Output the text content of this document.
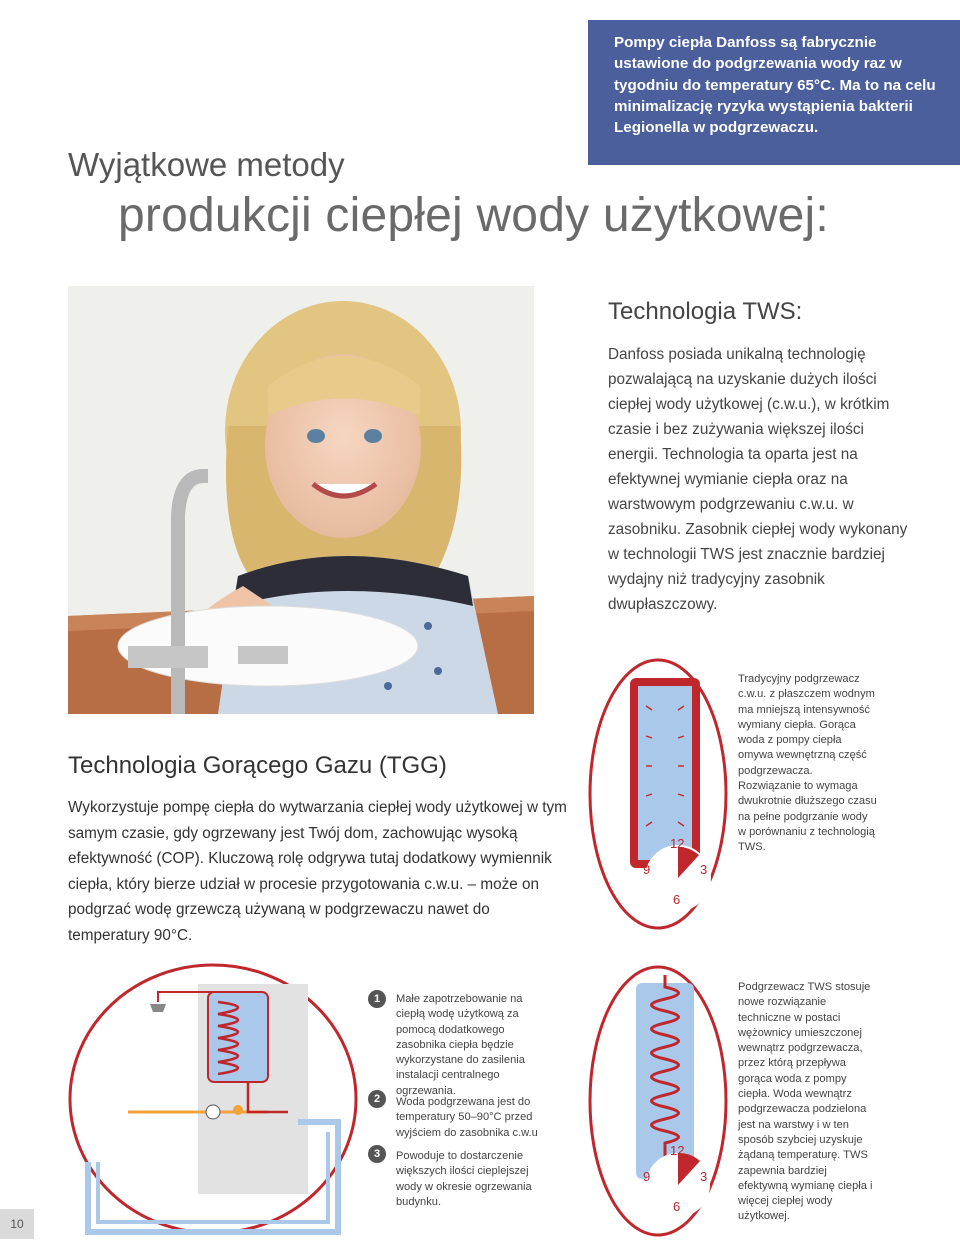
Pompy ciepła Danfoss są fabrycznie ustawione do podgrzewania wody raz w tygodniu do temperatury 65°C. Ma to na celu minimalizację ryzyka wystąpienia bakterii Legionella w podgrzewaczu.

Wyjątkowe metody
produkcji ciepłej wody użytkowej:
Technologia TWS:

Danfoss posiada unikalną technologię pozwalającą na uzyskanie dużych ilości ciepłej wody użytkowej (c.w.u.), w krótkim czasie i bez zużywania większej ilości energii. Technologia ta oparta jest na efektywnej wymianie ciepła oraz na warstwowym podgrzewaniu c.w.u. w zasobniku. Zasobnik ciepłej wody wykonany w technologii TWS jest znacznie bardziej wydajny niż tradycyjny zasobnik dwupłaszczowy.

Technologia Gorącego Gazu (TGG)

Wykorzystuje pompę ciepła do wytwarzania ciepłej wody użytkowej w tym samym czasie, gdy ogrzewany jest Twój dom, zachowując wysoką efektywność (COP). Kluczową rolę odgrywa tutaj dodatkowy wymiennik ciepła, który bierze udział w procesie przygotowania c.w.u. – może on podgrzać wodę grzewczą używaną w podgrzewaczu nawet do temperatury 90°C.

12
3
6
9

Tradycyjny podgrzewacz c.w.u. z płaszczem wodnym ma mniejszą intensywność wymiany ciepła. Gorąca woda z pompy ciepła omywa wewnętrzną część podgrzewacza. Rozwiązanie to wymaga dwukrotnie dłuższego czasu na pełne podgrzanie wody w porównaniu z technologią TWS.

1	Małe zapotrzebowanie na ciepłą wodę użytkową za pomocą dodatkowego zasobnika ciepła będzie wykorzystane do zasilenia instalacji centralnego ogrzewania.

2	Woda podgrzewana jest do temperatury 50–90°C przed wyjściem do zasobnika c.w.u

3	Powoduje to dostarczenie większych ilości cieplejszej wody w okresie ogrzewania budynku.

12
3
6
9

Podgrzewacz TWS stosuje nowe rozwiązanie techniczne w postaci wężownicy umieszczonej wewnątrz podgrzewacza, przez którą przepływa gorąca woda z pompy ciepła. Woda wewnątrz podgrzewacza podzielona jest na warstwy i w ten sposób szybciej uzyskuje żądaną temperaturę. TWS zapewnia bardziej efektywną wymianę ciepła i więcej ciepłej wody użytkowej.

10
